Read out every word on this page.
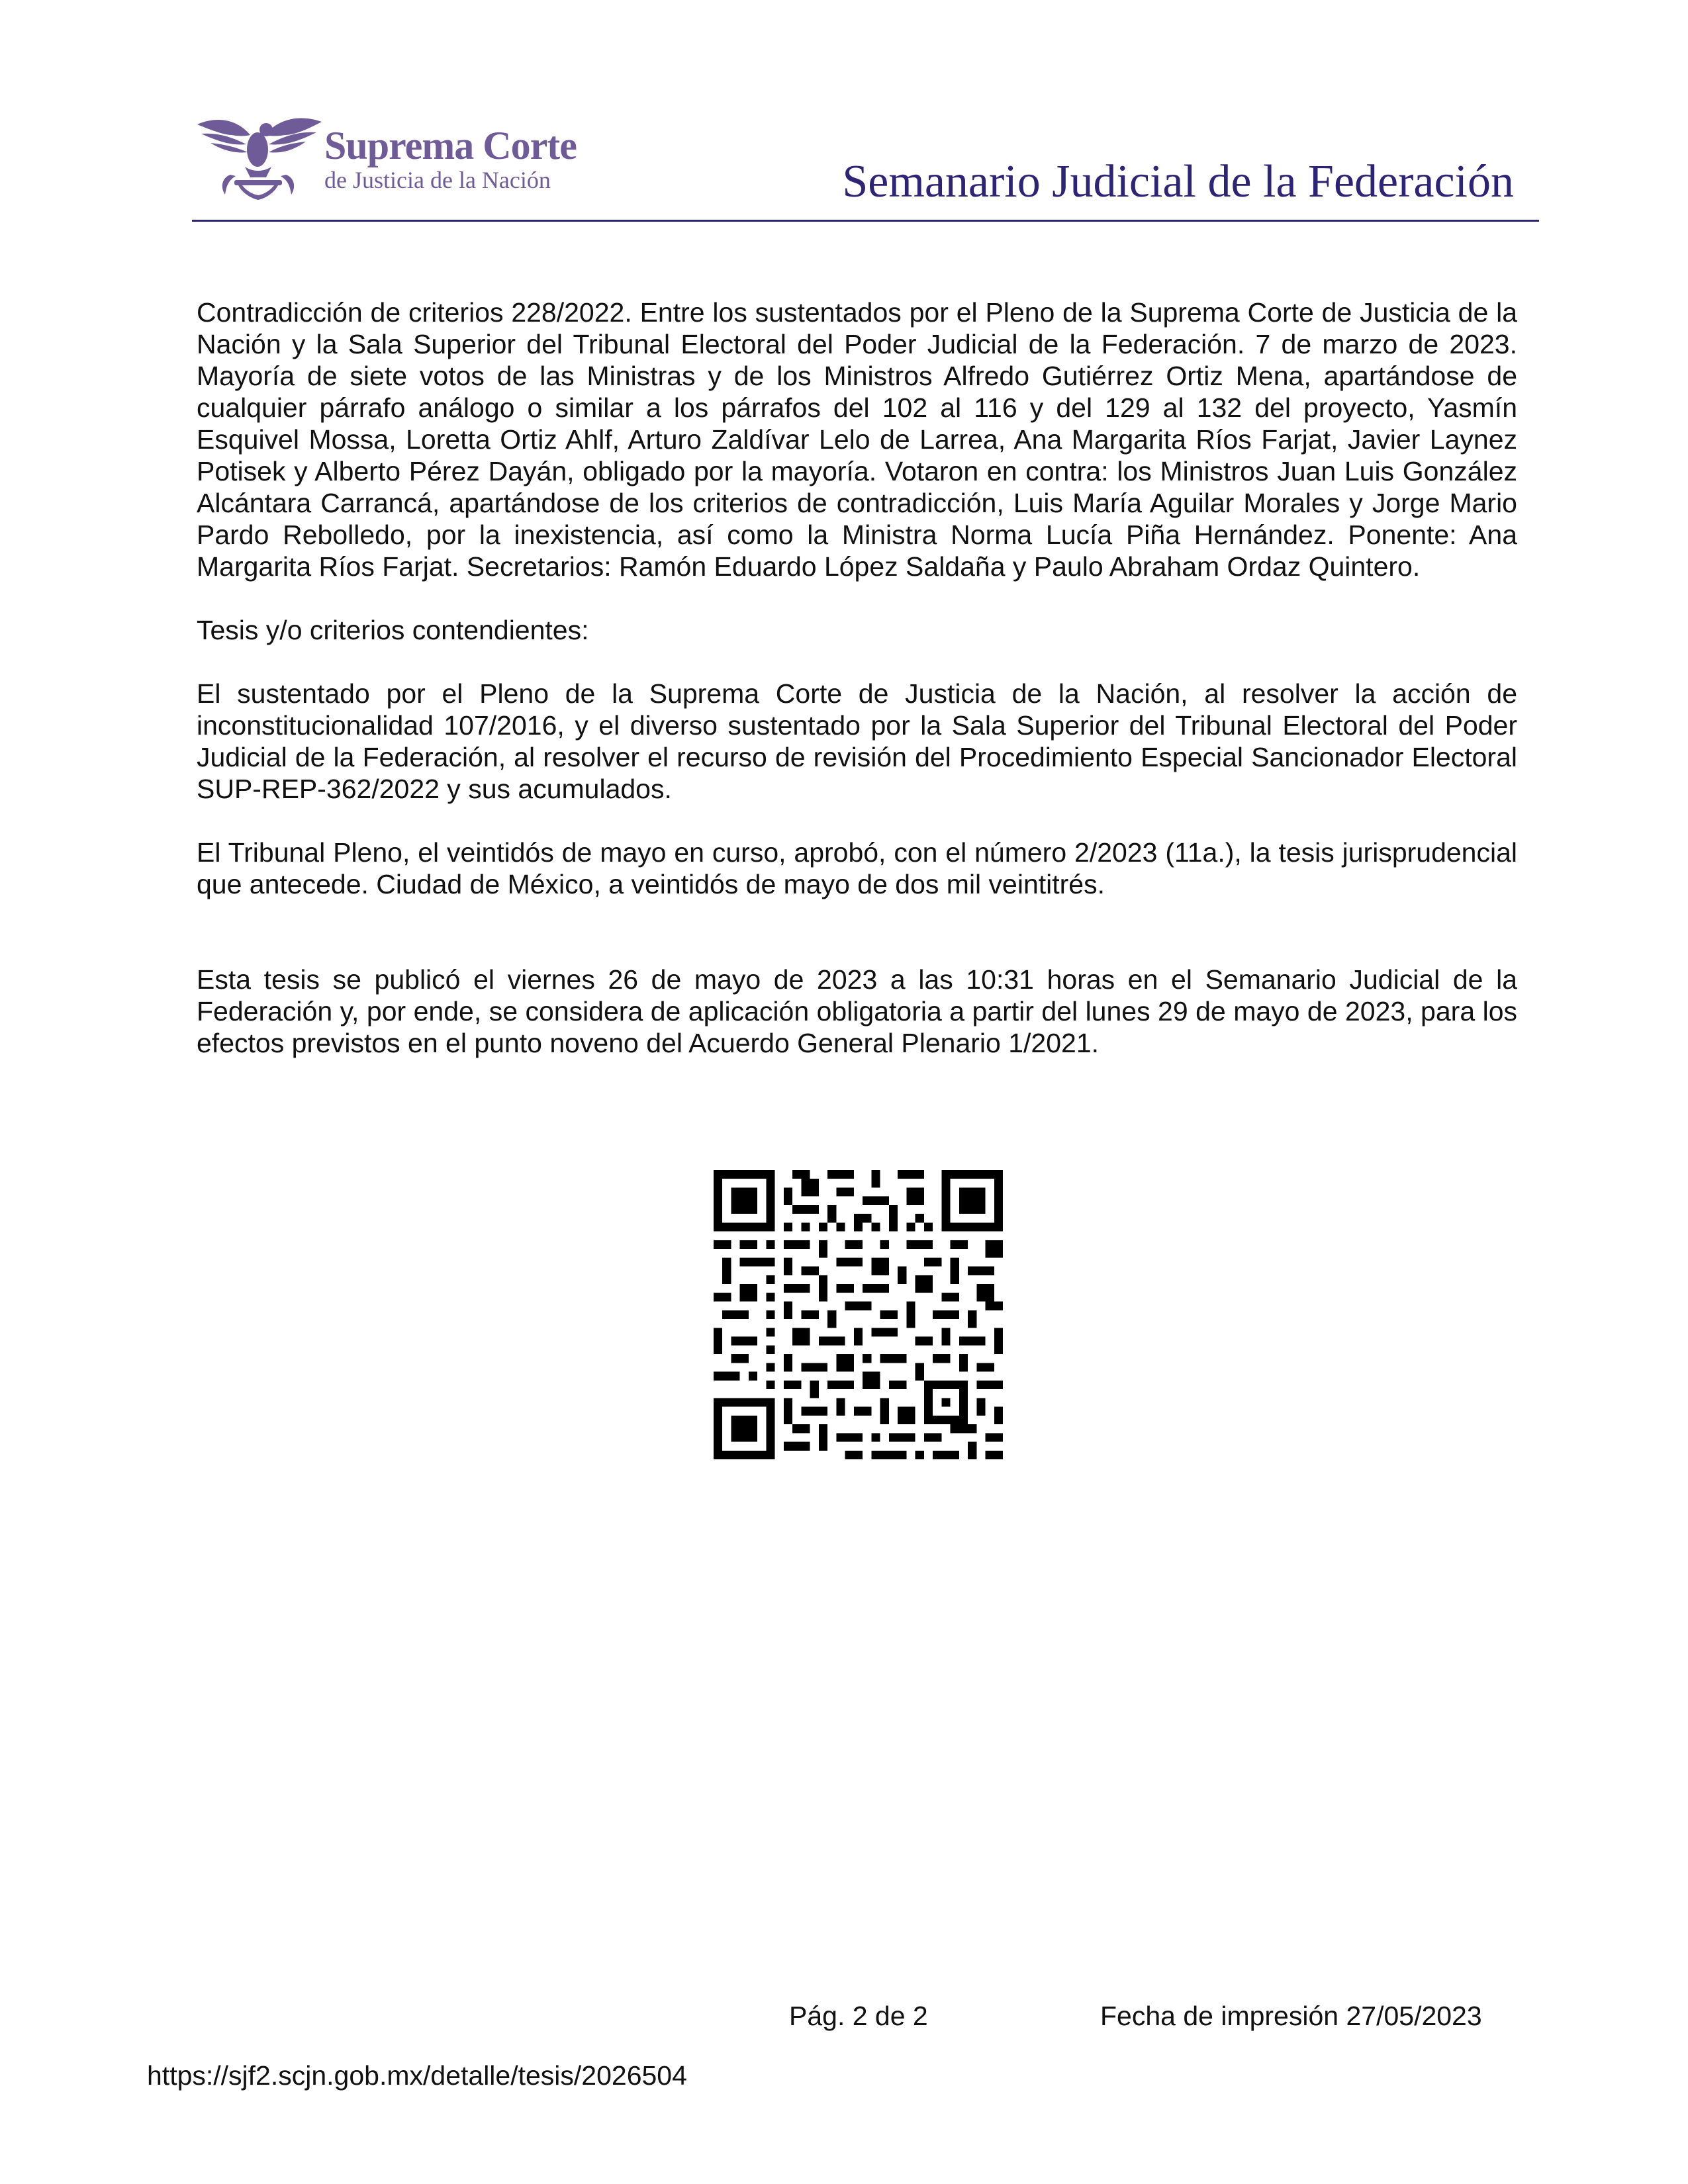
Suprema Corte
de Justicia de la Nación	Semanario Judicial de la Federación

Contradicción de criterios 228/2022. Entre los sustentados por el Pleno de la Suprema Corte de Justicia de la Nación y la Sala Superior del Tribunal Electoral del Poder Judicial de la Federación. 7 de marzo de 2023. Mayoría de siete votos de las Ministras y de los Ministros Alfredo Gutiérrez Ortiz Mena, apartándose de cualquier párrafo análogo o similar a los párrafos del 102 al 116 y del 129 al 132 del proyecto, Yasmín Esquivel Mossa, Loretta Ortiz Ahlf, Arturo Zaldívar Lelo de Larrea, Ana Margarita Ríos Farjat, Javier Laynez Potisek y Alberto Pérez Dayán, obligado por la mayoría. Votaron en contra: los Ministros Juan Luis González Alcántara Carrancá, apartándose de los criterios de contradicción, Luis María Aguilar Morales y Jorge Mario Pardo Rebolledo, por la inexistencia, así como la Ministra Norma Lucía Piña Hernández. Ponente: Ana Margarita Ríos Farjat. Secretarios: Ramón Eduardo López Saldaña y Paulo Abraham Ordaz Quintero.

Tesis y/o criterios contendientes:

El sustentado por el Pleno de la Suprema Corte de Justicia de la Nación, al resolver la acción de inconstitucionalidad 107/2016, y el diverso sustentado por la Sala Superior del Tribunal Electoral del Poder Judicial de la Federación, al resolver el recurso de revisión del Procedimiento Especial Sancionador Electoral SUP-REP-362/2022 y sus acumulados.

El Tribunal Pleno, el veintidós de mayo en curso, aprobó, con el número 2/2023 (11a.), la tesis jurisprudencial que antecede. Ciudad de México, a veintidós de mayo de dos mil veintitrés.

Esta tesis se publicó el viernes 26 de mayo de 2023 a las 10:31 horas en el Semanario Judicial de la Federación y, por ende, se considera de aplicación obligatoria a partir del lunes 29 de mayo de 2023, para los efectos previstos en el punto noveno del Acuerdo General Plenario 1/2021.

Pág. 2 de 2	Fecha de impresión 27/05/2023
https://sjf2.scjn.gob.mx/detalle/tesis/2026504
